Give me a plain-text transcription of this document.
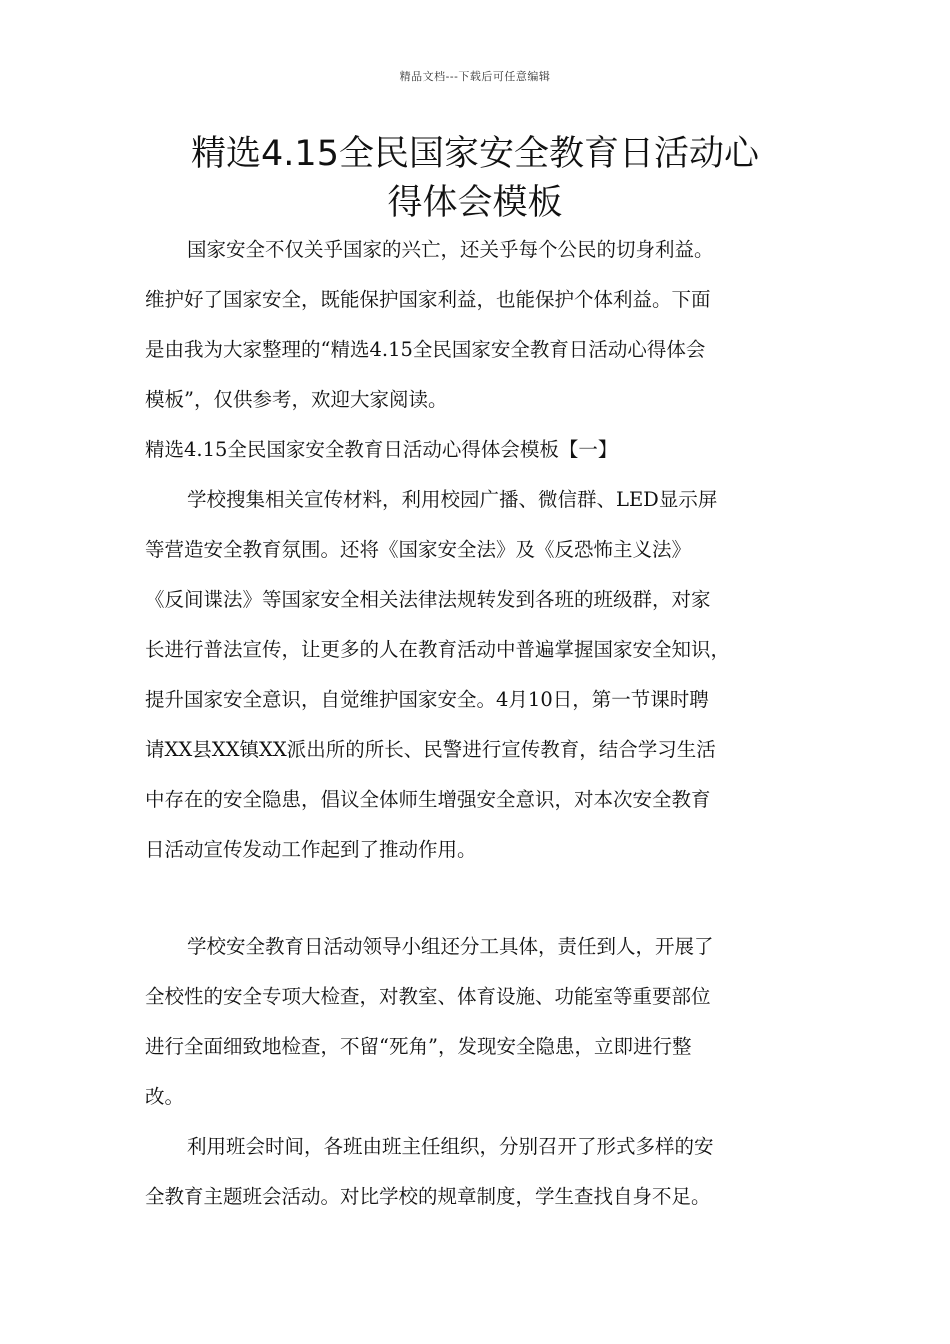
精品文档---下载后可任意编辑
精选4.15全民国家安全教育日活动心
得体会模板
国家安全不仅关乎国家的兴亡，还关乎每个公民的切身利益。
维护好了国家安全，既能保护国家利益，也能保护个体利益。下面
是由我为大家整理的“精选4.15全民国家安全教育日活动心得体会
模板”，仅供参考，欢迎大家阅读。
精选4.15全民国家安全教育日活动心得体会模板【一】
学校搜集相关宣传材料，利用校园广播、微信群、LED显示屏
等营造安全教育氛围。还将《国家安全法》及《反恐怖主义法》
《反间谍法》等国家安全相关法律法规转发到各班的班级群，对家
长进行普法宣传，让更多的人在教育活动中普遍掌握国家安全知识，
提升国家安全意识，自觉维护国家安全。4月10日，第一节课时聘
请XX县XX镇XX派出所的所长、民警进行宣传教育，结合学习生活
中存在的安全隐患，倡议全体师生增强安全意识，对本次安全教育
日活动宣传发动工作起到了推动作用。
学校安全教育日活动领导小组还分工具体，责任到人，开展了
全校性的安全专项大检查，对教室、体育设施、功能室等重要部位
进行全面细致地检查，不留“死角”，发现安全隐患，立即进行整
改。
利用班会时间，各班由班主任组织，分别召开了形式多样的安
全教育主题班会活动。对比学校的规章制度，学生查找自身不足。
